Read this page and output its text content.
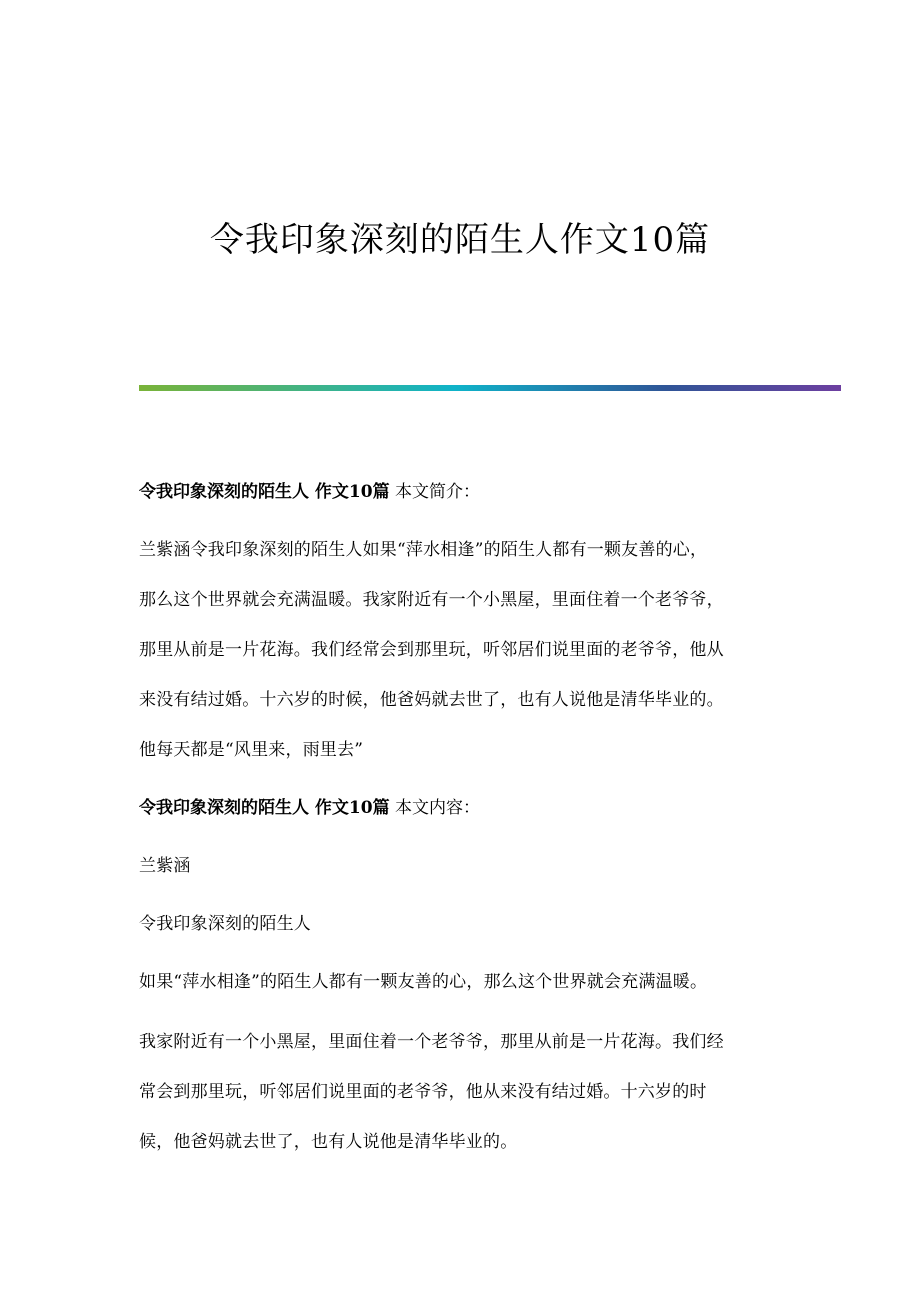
令我印象深刻的陌生人作文10篇
令我印象深刻的陌生人 作文10篇 本文简介：
兰紫涵令我印象深刻的陌生人如果“萍水相逢”的陌生人都有一颗友善的心，
那么这个世界就会充满温暖。我家附近有一个小黑屋，里面住着一个老爷爷，
那里从前是一片花海。我们经常会到那里玩，听邻居们说里面的老爷爷，他从
来没有结过婚。十六岁的时候，他爸妈就去世了，也有人说他是清华毕业的。
他每天都是“风里来，雨里去”
令我印象深刻的陌生人 作文10篇 本文内容：
兰紫涵
令我印象深刻的陌生人
如果“萍水相逢”的陌生人都有一颗友善的心，那么这个世界就会充满温暖。
我家附近有一个小黑屋，里面住着一个老爷爷，那里从前是一片花海。我们经
常会到那里玩，听邻居们说里面的老爷爷，他从来没有结过婚。十六岁的时
候，他爸妈就去世了，也有人说他是清华毕业的。
